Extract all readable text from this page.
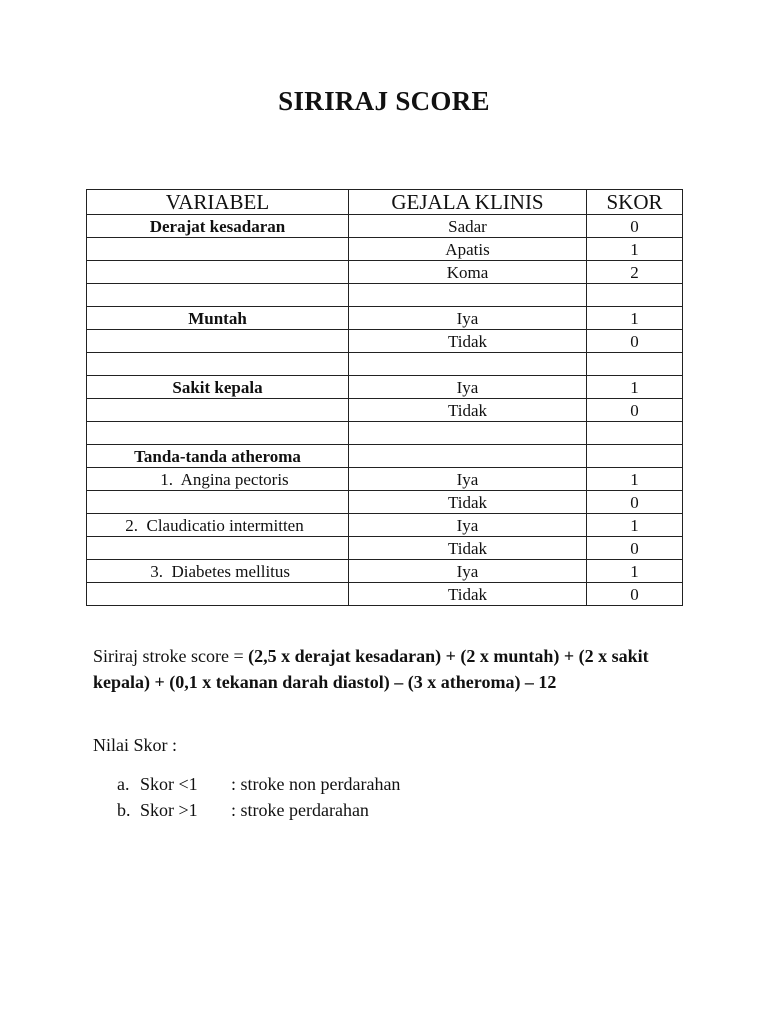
SIRIRAJ SCORE
VARIABEL	GEJALA KLINIS	SKOR
Derajat kesadaran	Sadar	0
	Apatis	1
	Koma	2

Muntah	Iya	1
	Tidak	0

Sakit kepala	Iya	1
	Tidak	0

Tanda-tanda atheroma		
1. Angina pectoris	Iya	1
	Tidak	0
2. Claudicatio intermitten	Iya	1
	Tidak	0
3. Diabetes mellitus	Iya	1
	Tidak	0
Siriraj stroke score = (2,5 x derajat kesadaran) + (2 x muntah) + (2 x sakit kepala) + (0,1 x tekanan darah diastol) – (3 x atheroma) – 12
Nilai Skor :
a. Skor <1	: stroke non perdarahan
b. Skor >1	: stroke perdarahan
